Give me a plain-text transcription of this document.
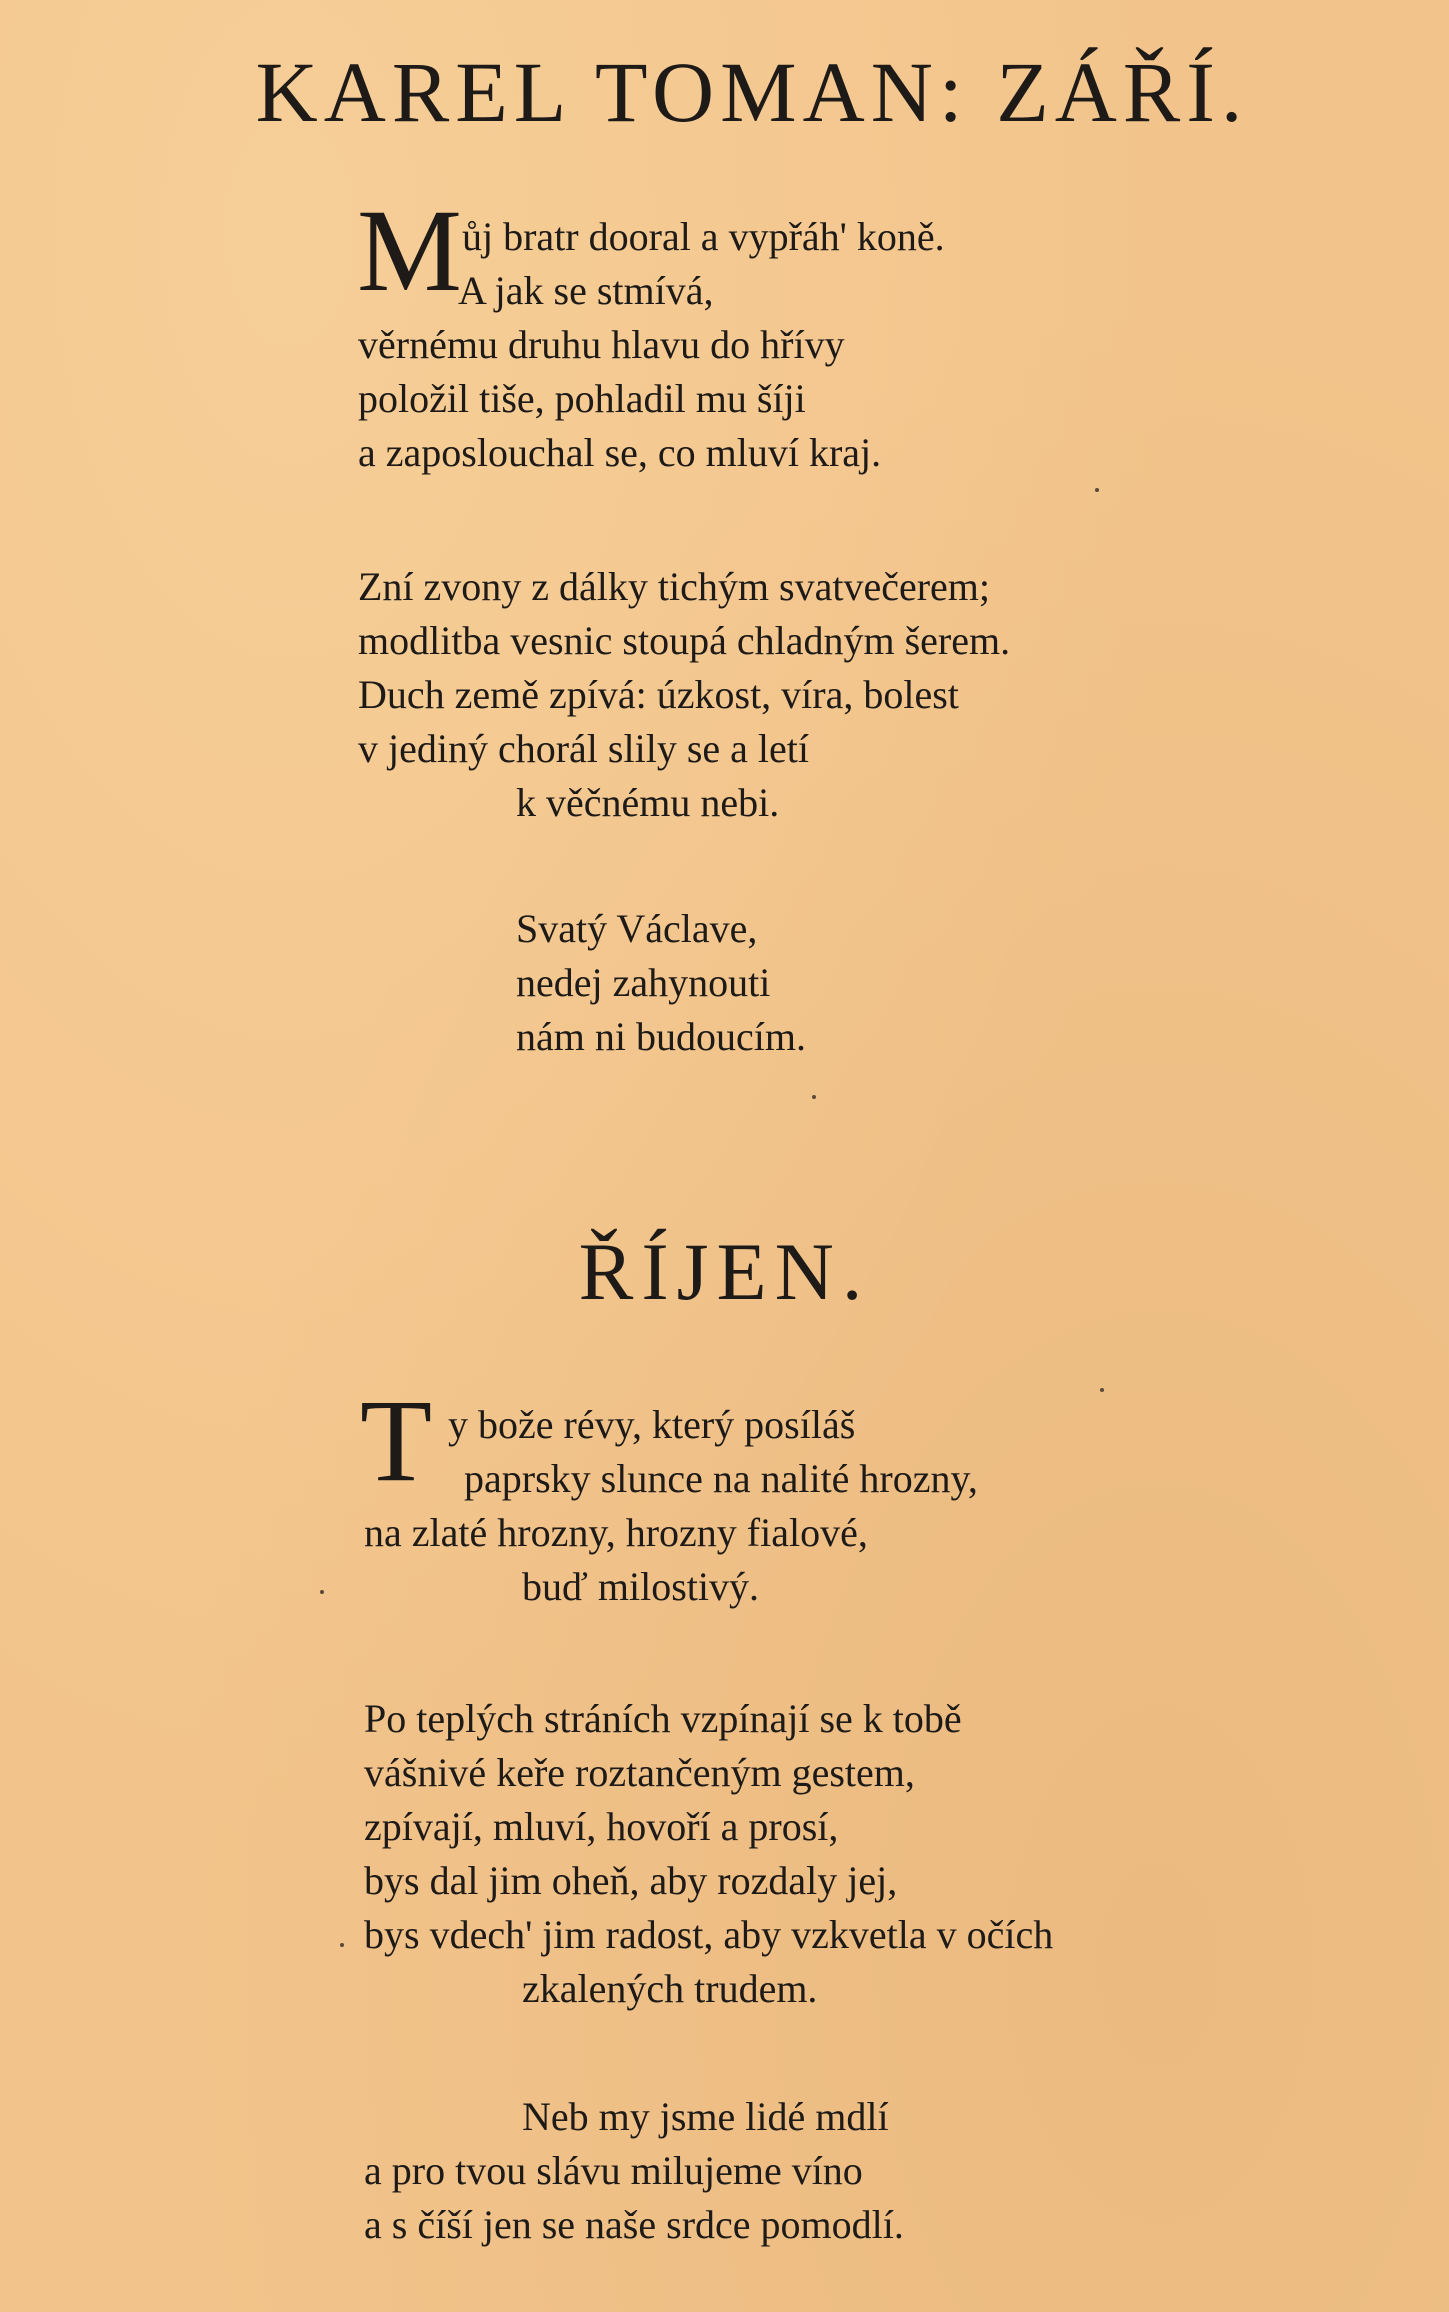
KAREL TOMAN: ZÁŘÍ.
M ůj bratr dooral a vypřáh' koně.
A jak se stmívá,
věrnému druhu hlavu do hřívy
položil tiše, pohladil mu šíji
a zaposlouchal se, co mluví kraj.
Zní zvony z dálky tichým svatvečerem;
modlitba vesnic stoupá chladným šerem.
Duch země zpívá: úzkost, víra, bolest
v jediný chorál slily se a letí
k věčnému nebi.
Svatý Václave,
nedej zahynouti
nám ni budoucím.
ŘÍJEN.
T y bože révy, který posíláš
paprsky slunce na nalité hrozny,
na zlaté hrozny, hrozny fialové,
buď milostivý.
Po teplých stráních vzpínají se k tobě
vášnivé keře roztančeným gestem,
zpívají, mluví, hovoří a prosí,
bys dal jim oheň, aby rozdaly jej,
bys vdech' jim radost, aby vzkvetla v očích
zkalených trudem.
Neb my jsme lidé mdlí
a pro tvou slávu milujeme víno
a s číší jen se naše srdce pomodlí.
